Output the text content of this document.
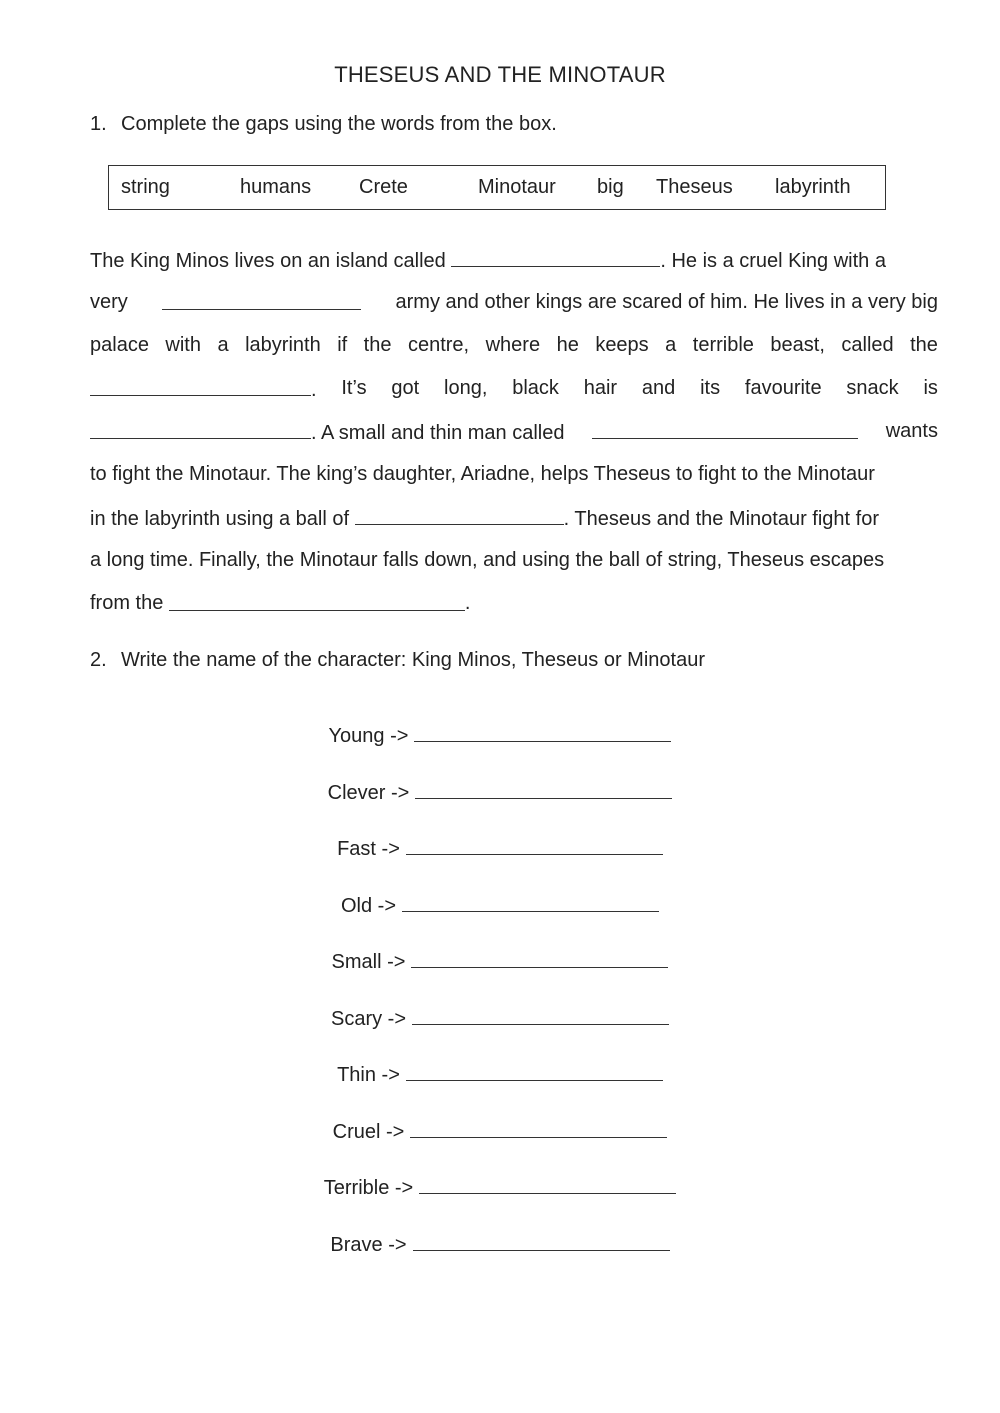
THESEUS AND THE MINOTAUR
1. Complete the gaps using the words from the box.
string	humans Crete	Minotaur big Theseus labyrinth
The King Minos lives on an island called	. He is a cruel King with a
very	army and other kings are scared of him. He lives in a very big
palace with a labyrinth if the centre, where he keeps a terrible beast, called the
. It’s got long, black hair and its favourite snack is
. A small and thin man called	wants
to fight the Minotaur. The king’s daughter, Ariadne, helps Theseus to fight to the Minotaur
in the labyrinth using a ball of	. Theseus and the Minotaur fight for
a long time. Finally, the Minotaur falls down, and using the ball of string, Theseus escapes
from the
	.
2. Write the name of the character: King Minos, Theseus or Minotaur
Young ->
Clever ->
Fast ->
Old ->
Small ->
Scary ->
Thin ->
Cruel ->
Terrible ->
Brave ->
